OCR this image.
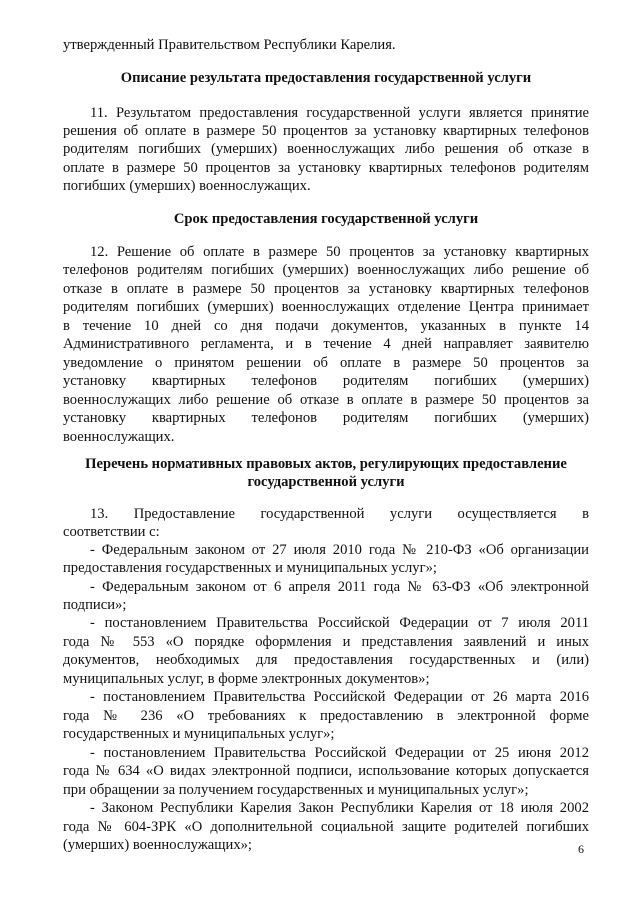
утвержденный Правительством Республики Карелия.
Описание результата предоставления государственной услуги
11. Результатом предоставления государственной услуги является принятие
решения об оплате в размере 50 процентов за установку квартирных телефонов
родителям погибших (умерших) военнослужащих либо решения об отказе в
оплате в размере 50 процентов за установку квартирных телефонов родителям
погибших (умерших) военнослужащих.
Срок предоставления государственной услуги
12. Решение об оплате в размере 50 процентов за установку квартирных
телефонов родителям погибших (умерших) военнослужащих либо решение об
отказе в оплате в размере 50 процентов за установку квартирных телефонов
родителям погибших (умерших) военнослужащих отделение Центра принимает
в течение 10 дней со дня подачи документов, указанных в пункте 14
Административного регламента, и в течение 4 дней направляет заявителю
уведомление о принятом решении об оплате в размере 50 процентов за
установку квартирных телефонов родителям погибших (умерших)
военнослужащих либо решение об отказе в оплате в размере 50 процентов за
установку квартирных телефонов родителям погибших (умерших)
военнослужащих.
Перечень нормативных правовых актов, регулирующих предоставление
государственной услуги
13. Предоставление государственной услуги осуществляется в
соответствии с:
- Федеральным законом от 27 июля 2010 года № 210-ФЗ «Об организации
предоставления государственных и муниципальных услуг»;
- Федеральным законом от 6 апреля 2011 года № 63-ФЗ «Об электронной
подписи»;
- постановлением Правительства Российской Федерации от 7 июля 2011
года № 553 «О порядке оформления и представления заявлений и иных
документов, необходимых для предоставления государственных и (или)
муниципальных услуг, в форме электронных документов»;
- постановлением Правительства Российской Федерации от 26 марта 2016
года № 236 «О требованиях к предоставлению в электронной форме
государственных и муниципальных услуг»;
- постановлением Правительства Российской Федерации от 25 июня 2012
года № 634 «О видах электронной подписи, использование которых допускается
при обращении за получением государственных и муниципальных услуг»;
- Законом Республики Карелия Закон Республики Карелия от 18 июля 2002
года № 604-ЗРК «О дополнительной социальной защите родителей погибших
(умерших) военнослужащих»;	6
